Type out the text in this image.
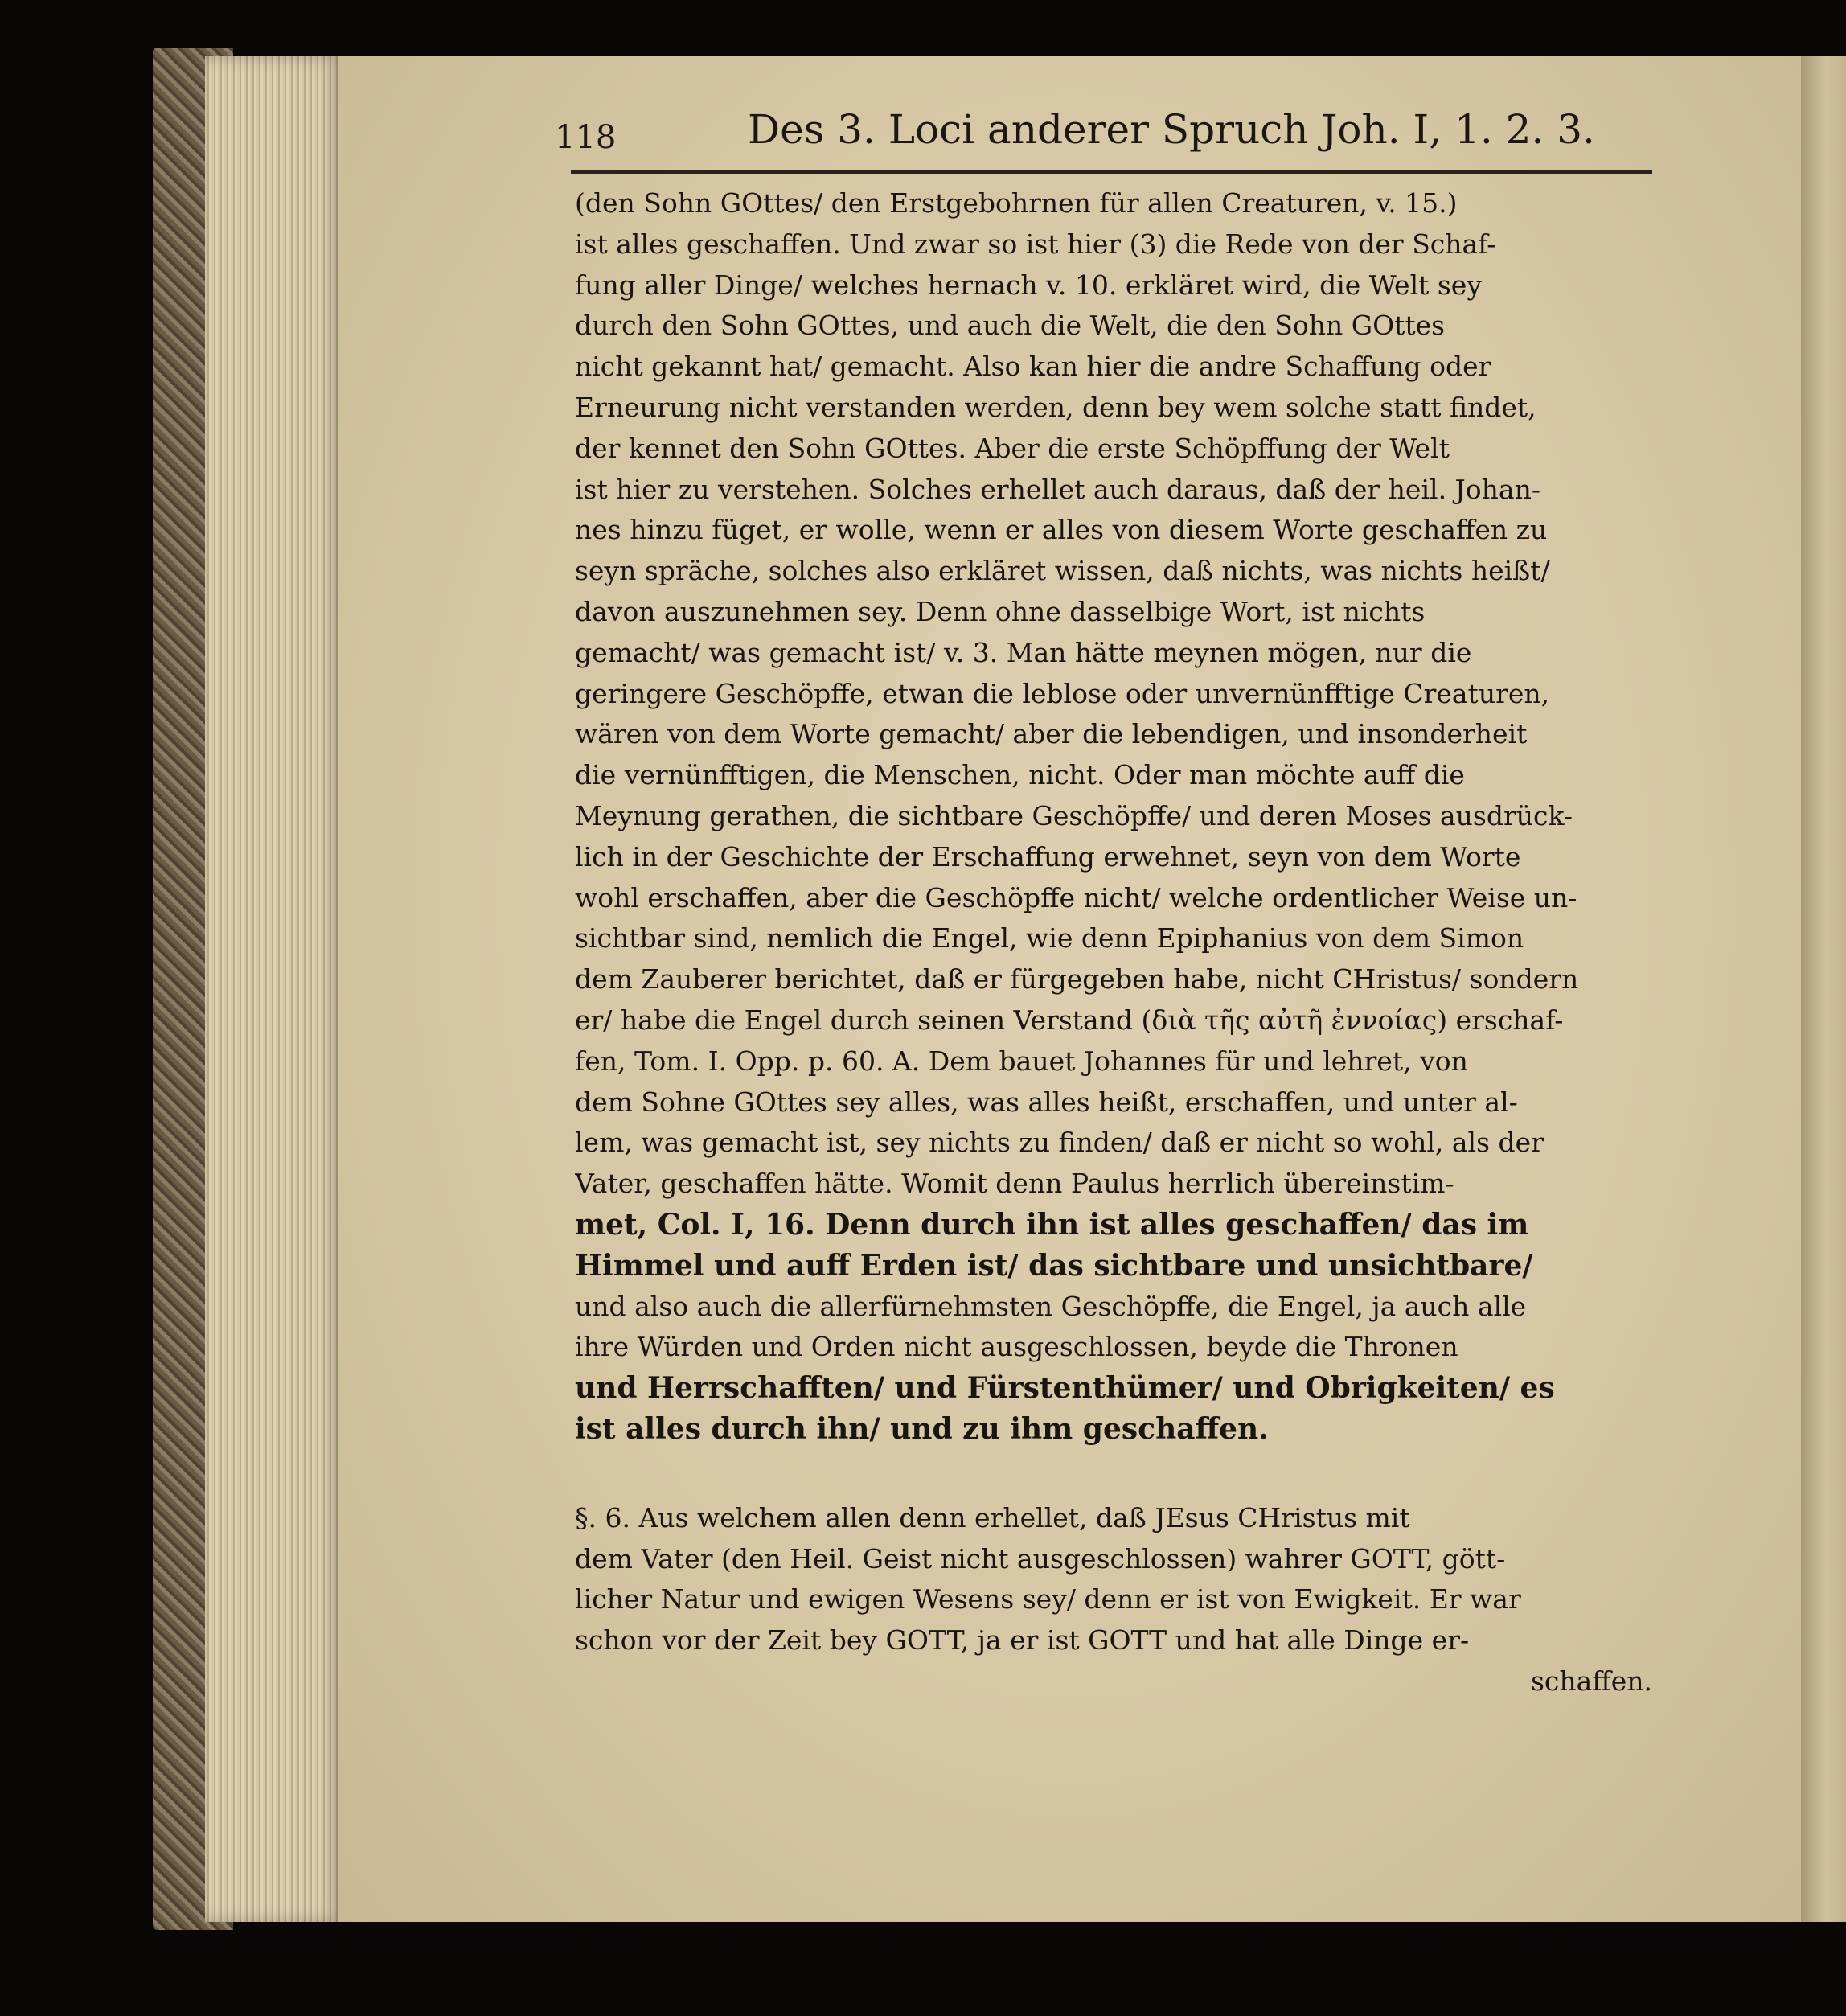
118	Des 3. Loci anderer Spruch Joh. I, 1. 2. 3.
(den Sohn GOttes/ den Erstgebohrnen für allen Creaturen, v. 15.)
ist alles geschaffen. Und zwar so ist hier (3) die Rede von der Schaf-
fung aller Dinge/ welches hernach v. 10. erkläret wird, die Welt sey
durch den Sohn GOttes, und auch die Welt, die den Sohn GOttes
nicht gekannt hat/ gemacht. Also kan hier die andre Schaffung oder
Erneurung nicht verstanden werden, denn bey wem solche statt findet,
der kennet den Sohn GOttes. Aber die erste Schöpffung der Welt
ist hier zu verstehen. Solches erhellet auch daraus, daß der heil. Johan-
nes hinzu füget, er wolle, wenn er alles von diesem Worte geschaffen zu
seyn spräche, solches also erkläret wissen, daß nichts, was nichts heißt/
davon auszunehmen sey. Denn ohne dasselbige Wort, ist nichts
gemacht/ was gemacht ist/ v. 3. Man hätte meynen mögen, nur die
geringere Geschöpffe, etwan die leblose oder unvernünfftige Creaturen,
wären von dem Worte gemacht/ aber die lebendigen, und insonderheit
die vernünfftigen, die Menschen, nicht. Oder man möchte auff die
Meynung gerathen, die sichtbare Geschöpffe/ und deren Moses ausdrück-
lich in der Geschichte der Erschaffung erwehnet, seyn von dem Worte
wohl erschaffen, aber die Geschöpffe nicht/ welche ordentlicher Weise un-
sichtbar sind, nemlich die Engel, wie denn Epiphanius von dem Simon
dem Zauberer berichtet, daß er fürgegeben habe, nicht CHristus/ sondern
er/ habe die Engel durch seinen Verstand (διὰ τῆς αὐτῆ ἐννοίας) erschaf-
fen, Tom. I. Opp. p. 60. A. Dem bauet Johannes für und lehret, von
dem Sohne GOttes sey alles, was alles heißt, erschaffen, und unter al-
lem, was gemacht ist, sey nichts zu finden/ daß er nicht so wohl, als der
Vater, geschaffen hätte. Womit denn Paulus herrlich übereinstim-
met, Col. I, 16. Denn durch ihn ist alles geschaffen/ das im
Himmel und auff Erden ist/ das sichtbare und unsichtbare/
und also auch die allerfürnehmsten Geschöpffe, die Engel, ja auch alle
ihre Würden und Orden nicht ausgeschlossen, beyde die Thronen
und Herrschafften/ und Fürstenthümer/ und Obrigkeiten/ es
ist alles durch ihn/ und zu ihm geschaffen.
§. 6. Aus welchem allen denn erhellet, daß JEsus CHristus mit
dem Vater (den Heil. Geist nicht ausgeschlossen) wahrer GOTT, gött-
licher Natur und ewigen Wesens sey/ denn er ist von Ewigkeit. Er war
schon vor der Zeit bey GOTT, ja er ist GOTT und hat alle Dinge er-
schaffen.
